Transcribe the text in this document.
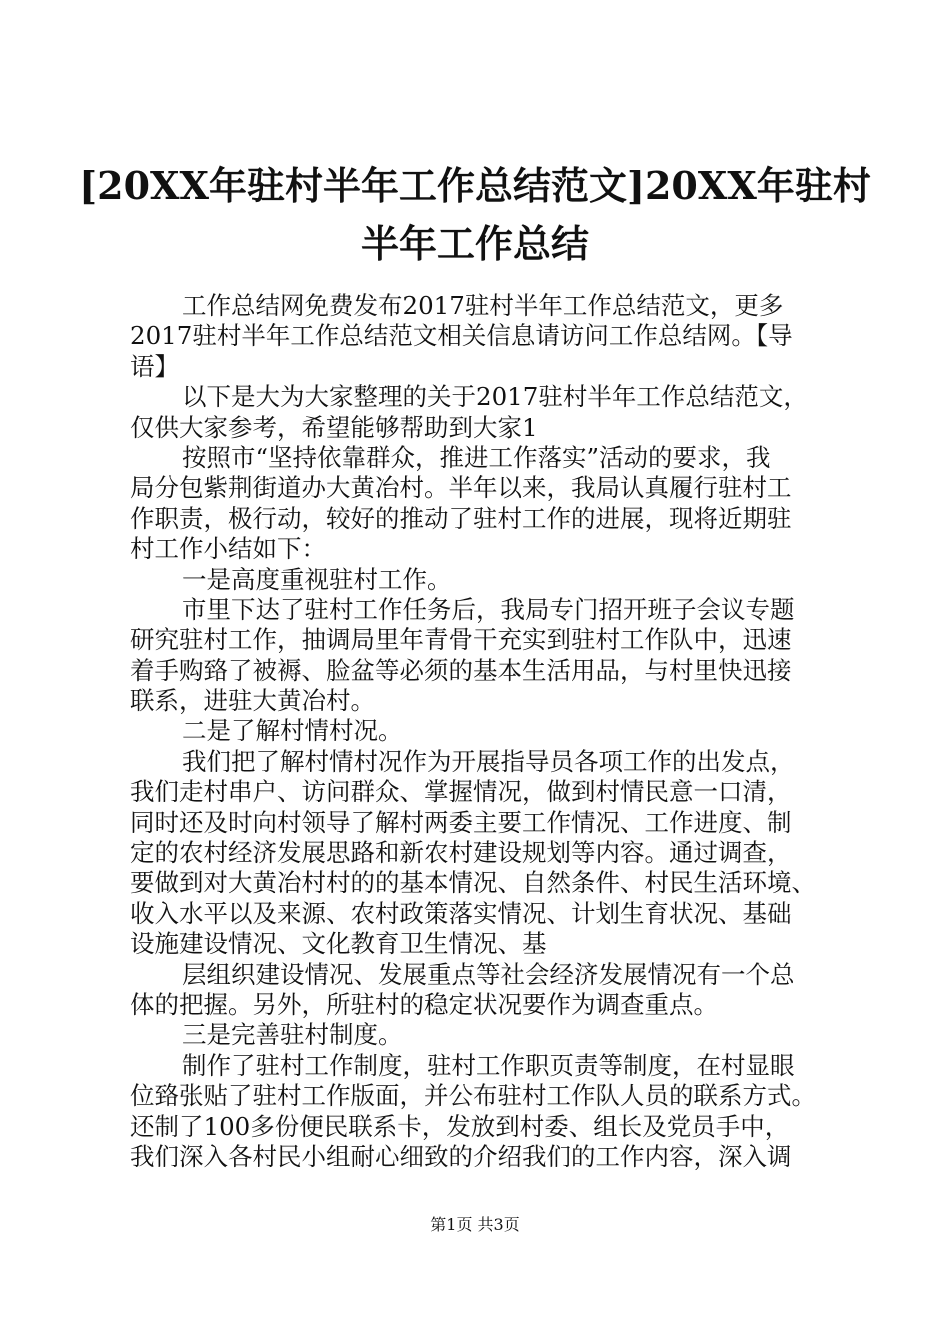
[20XX年驻村半年工作总结范文]20XX年驻村
半年工作总结
工作总结网免费发布2017驻村半年工作总结范文，更多
2017驻村半年工作总结范文相关信息请访问工作总结网。【导
语】
以下是大为大家整理的关于2017驻村半年工作总结范文，
仅供大家参考，希望能够帮助到大家1
按照市“坚持依靠群众，推进工作落实”活动的要求，我
局分包紫荆街道办大黄冶村。半年以来，我局认真履行驻村工
作职责，极行动，较好的推动了驻村工作的进展，现将近期驻
村工作小结如下：
一是高度重视驻村工作。
市里下达了驻村工作任务后，我局专门招开班子会议专题
研究驻村工作，抽调局里年青骨干充实到驻村工作队中，迅速
着手购臵了被褥、脸盆等必须的基本生活用品，与村里快迅接
联系，进驻大黄冶村。
二是了解村情村况。
我们把了解村情村况作为开展指导员各项工作的出发点，
我们走村串户、访问群众、掌握情况，做到村情民意一口清，
同时还及时向村领导了解村两委主要工作情况、工作进度、制
定的农村经济发展思路和新农村建设规划等内容。通过调查，
要做到对大黄冶村村的的基本情况、自然条件、村民生活环境、
收入水平以及来源、农村政策落实情况、计划生育状况、基础
设施建设情况、文化教育卫生情况、基
层组织建设情况、发展重点等社会经济发展情况有一个总
体的把握。另外，所驻村的稳定状况要作为调查重点。
三是完善驻村制度。
制作了驻村工作制度，驻村工作职页责等制度，在村显眼
位臵张贴了驻村工作版面，并公布驻村工作队人员的联系方式。
还制了100多份便民联系卡，发放到村委、组长及党员手中，
我们深入各村民小组耐心细致的介绍我们的工作内容，深入调
第1页 共3页
